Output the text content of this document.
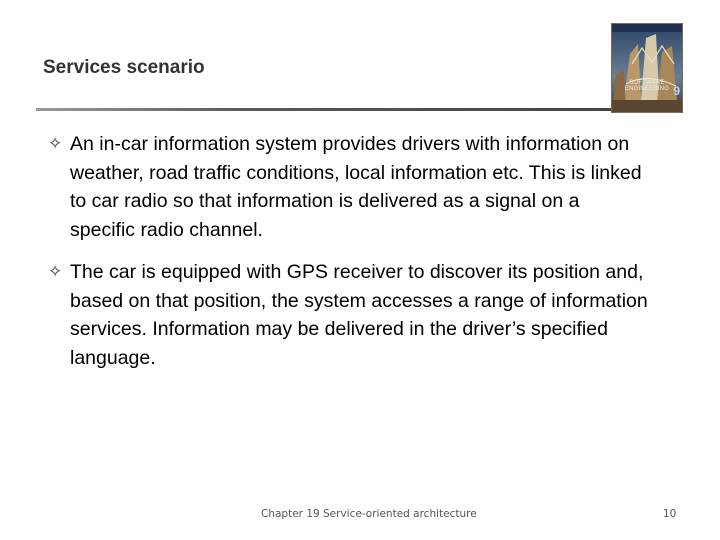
Services scenario
SOFTWARE ENGINEERING 9
✧ An in-car information system provides drivers with information on weather, road traffic conditions, local information etc. This is linked to car radio so that information is delivered as a signal on a specific radio channel.
✧ The car is equipped with GPS receiver to discover its position and, based on that position, the system accesses a range of information services. Information may be delivered in the driver’s specified language.
Chapter 19 Service-oriented architecture	10
